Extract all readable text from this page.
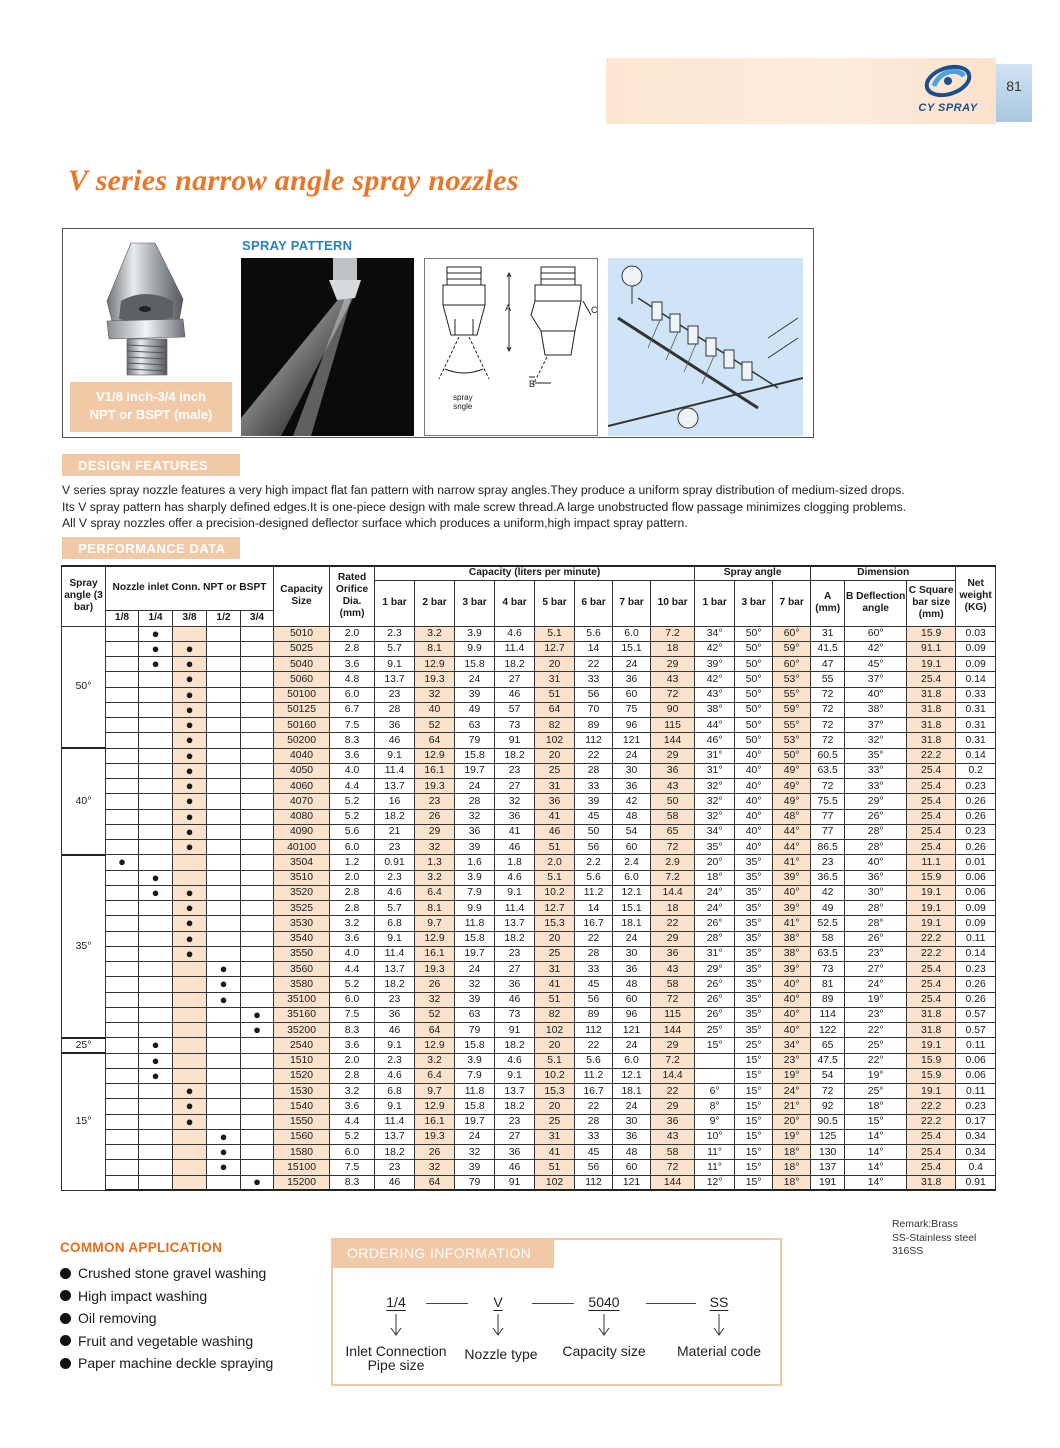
CY SPRAY
81
V series narrow angle spray nozzles
V1/8 inch-3/4 inch
NPT or BSPT (male)
SPRAY PATTERN
A	C
B
spray
sngle
DESIGN FEATURES
V series spray nozzle features a very high impact flat fan pattern with narrow spray angles.They produce a uniform spray distribution of medium-sized drops.
Its V spray pattern has sharply defined edges.It is one-piece design with male screw thread.A large unobstructed flow passage minimizes clogging problems.
All V spray nozzles offer a precision-designed deflector surface which produces a uniform,high impact spray pattern.
PERFORMANCE DATA
Spray angle (3 bar)	Nozzle inlet Conn. NPT or BSPT					Capacity Size	Rated Orifice Dia. (mm)	Capacity (liters per minute)								Spray angle			Dimension			Net weight (KG)
								1 bar	2 bar	3 bar	4 bar	5 bar	6 bar	7 bar	10 bar	1 bar	3 bar	7 bar	A (mm)	B Deflection angle	C Square bar size (mm)	
	1/8	1/4	3/8	1/2	3/4																	
50°		●				5010	2.0	2.3	3.2	3.9	4.6	5.1	5.6	6.0	7.2	34°	50°	60°	31	60°	15.9	0.03
		●	●			5025	2.8	5.7	8.1	9.9	11.4	12.7	14	15.1	18	42°	50°	59°	41.5	42°	91.1	0.09
		●	●			5040	3.6	9.1	12.9	15.8	18.2	20	22	24	29	39°	50°	60°	47	45°	19.1	0.09
			●			5060	4.8	13.7	19.3	24	27	31	33	36	43	42°	50°	53°	55	37°	25.4	0.14
			●			50100	6.0	23	32	39	46	51	56	60	72	43°	50°	55°	72	40°	31.8	0.33
			●			50125	6.7	28	40	49	57	64	70	75	90	38°	50°	59°	72	38°	31.8	0.31
			●			50160	7.5	36	52	63	73	82	89	96	115	44°	50°	55°	72	37°	31.8	0.31
			●			50200	8.3	46	64	79	91	102	112	121	144	46°	50°	53°	72	32°	31.8	0.31
40°			●			4040	3.6	9.1	12.9	15.8	18.2	20	22	24	29	31°	40°	50°	60.5	35°	22.2	0.14
			●			4050	4.0	11.4	16.1	19.7	23	25	28	30	36	31°	40°	49°	63.5	33°	25.4	0.2
			●			4060	4.4	13.7	19.3	24	27	31	33	36	43	32°	40°	49°	72	33°	25.4	0.23
			●			4070	5.2	16	23	28	32	36	39	42	50	32°	40°	49°	75.5	29°	25.4	0.26
			●			4080	5.2	18.2	26	32	36	41	45	48	58	32°	40°	48°	77	26°	25.4	0.26
			●			4090	5.6	21	29	36	41	46	50	54	65	34°	40°	44°	77	28°	25.4	0.23
			●			40100	6.0	23	32	39	46	51	56	60	72	35°	40°	44°	86.5	28°	25.4	0.26
35°	●					3504	1.2	0.91	1.3	1.6	1.8	2.0	2.2	2.4	2.9	20°	35°	41°	23	40°	11.1	0.01
		●				3510	2.0	2.3	3.2	3.9	4.6	5.1	5.6	6.0	7.2	18°	35°	39°	36.5	36°	15.9	0.06
		●	●			3520	2.8	4.6	6.4	7.9	9.1	10.2	11.2	12.1	14.4	24°	35°	40°	42	30°	19.1	0.06
			●			3525	2.8	5.7	8.1	9.9	11.4	12.7	14	15.1	18	24°	35°	39°	49	28°	19.1	0.09
			●			3530	3.2	6.8	9.7	11.8	13.7	15.3	16.7	18.1	22	26°	35°	41°	52.5	28°	19.1	0.09
			●			3540	3.6	9.1	12.9	15.8	18.2	20	22	24	29	28°	35°	38°	58	26°	22.2	0.11
			●			3550	4.0	11.4	16.1	19.7	23	25	28	30	36	31°	35°	38°	63.5	23°	22.2	0.14
				●		3560	4.4	13.7	19.3	24	27	31	33	36	43	29°	35°	39°	73	27°	25.4	0.23
				●		3580	5.2	18.2	26	32	36	41	45	48	58	26°	35°	40°	81	24°	25.4	0.26
				●		35100	6.0	23	32	39	46	51	56	60	72	26°	35°	40°	89	19°	25.4	0.26
					●	35160	7.5	36	52	63	73	82	89	96	115	26°	35°	40°	114	23°	31.8	0.57
					●	35200	8.3	46	64	79	91	102	112	121	144	25°	35°	40°	122	22°	31.8	0.57
25°		●				2540	3.6	9.1	12.9	15.8	18.2	20	22	24	29	15°	25°	34°	65	25°	19.1	0.11
15°		●				1510	2.0	2.3	3.2	3.9	4.6	5.1	5.6	6.0	7.2		15°	23°	47.5	22°	15.9	0.06
		●				1520	2.8	4.6	6.4	7.9	9.1	10.2	11.2	12.1	14.4		15°	19°	54	19°	15.9	0.06
			●			1530	3.2	6.8	9.7	11.8	13.7	15.3	16.7	18.1	22	6°	15°	24°	72	25°	19.1	0.11
			●			1540	3.6	9.1	12.9	15.8	18.2	20	22	24	29	8°	15°	21°	92	18°	22.2	0.23
			●			1550	4.4	11.4	16.1	19.7	23	25	28	30	36	9°	15°	20°	90.5	15°	22.2	0.17
				●		1560	5.2	13.7	19.3	24	27	31	33	36	43	10°	15°	19°	125	14°	25.4	0.34
				●		1580	6.0	18.2	26	32	36	41	45	48	58	11°	15°	18°	130	14°	25.4	0.34
				●		15100	7.5	23	32	39	46	51	56	60	72	11°	15°	18°	137	14°	25.4	0.4
					●	15200	8.3	46	64	79	91	102	112	121	144	12°	15°	18°	191	14°	31.8	0.91
Remark:Brass
SS-Stainless steel
316SS
COMMON APPLICATION
Crushed stone gravel washing
High impact washing
Oil removing
Fruit and vegetable washing
Paper machine deckle spraying
ORDERING INFORMATION
1/4	V	5040	SS
Inlet Connection
Pipe size
Nozzle type	Capacity size	Material code
